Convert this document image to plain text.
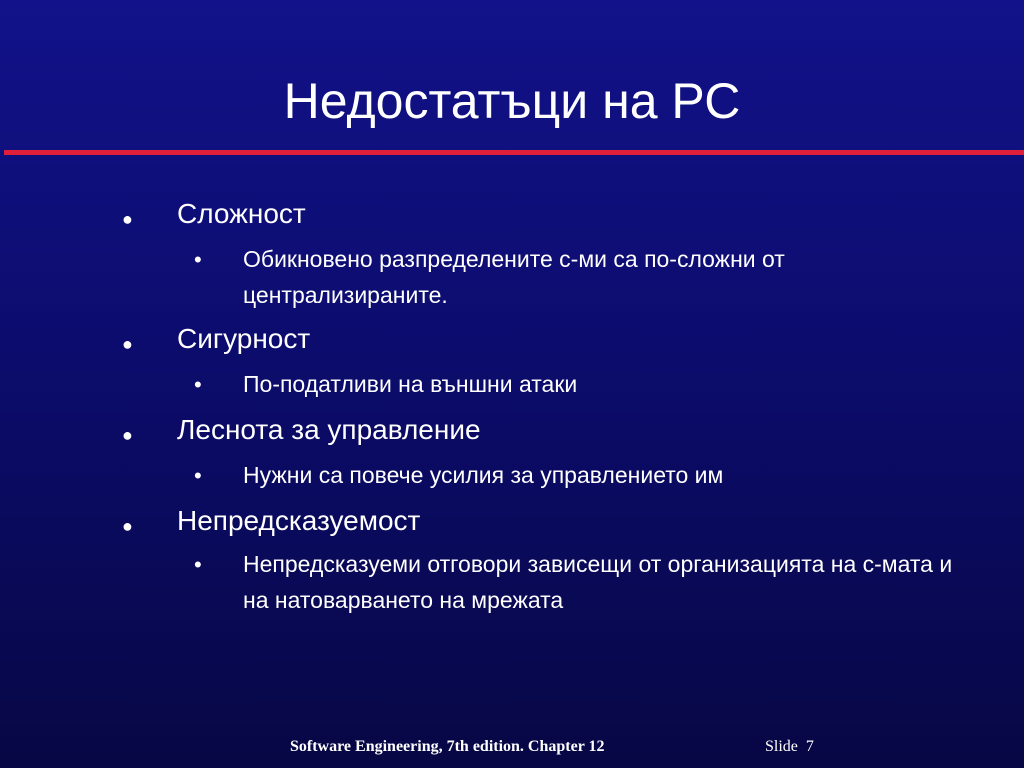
Недостатъци на РС
● Сложност
• Обикновено разпределените с-ми са по-сложни от централизираните.
● Сигурност
• По-податливи на външни атаки
● Леснота за управление
• Нужни са повече усилия за управлението им
● Непредсказуемост
• Непредсказуеми отговори зависещи от организацията на с-мата и на натоварването на мрежата
Software Engineering, 7th edition. Chapter 12	Slide 7
